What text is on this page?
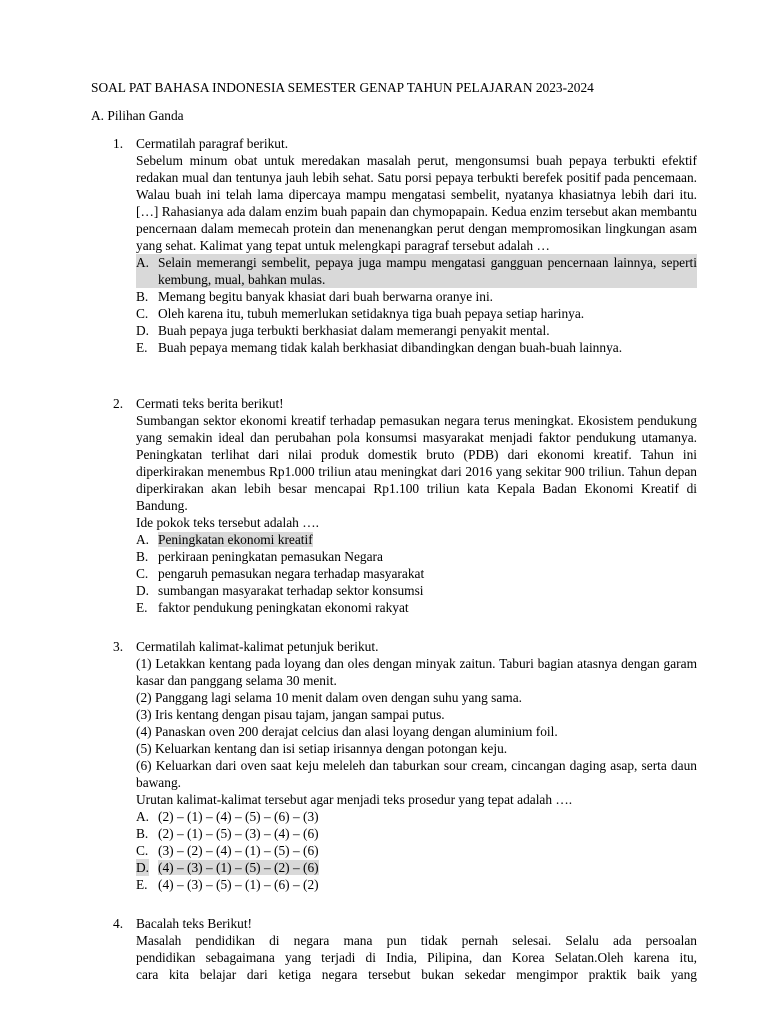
SOAL PAT BAHASA INDONESIA SEMESTER GENAP TAHUN PELAJARAN 2023-2024
A. Pilihan Ganda
1. Cermatilah paragraf berikut.
Sebelum minum obat untuk meredakan masalah perut, mengonsumsi buah pepaya terbukti efektif redakan mual dan tentunya jauh lebih sehat. Satu porsi pepaya terbukti berefek positif pada pencemaan. Walau buah ini telah lama dipercaya mampu mengatasi sembelit, nyatanya khasiatnya lebih dari itu. […] Rahasianya ada dalam enzim buah papain dan chymopapain. Kedua enzim tersebut akan membantu pencernaan dalam memecah protein dan menenangkan perut dengan mempromosikan lingkungan asam yang sehat. Kalimat yang tepat untuk melengkapi paragraf tersebut adalah …
A. Selain memerangi sembelit, pepaya juga mampu mengatasi gangguan pencernaan lainnya, seperti kembung, mual, bahkan mulas.
B. Memang begitu banyak khasiat dari buah berwarna oranye ini.
C. Oleh karena itu, tubuh memerlukan setidaknya tiga buah pepaya setiap harinya.
D. Buah pepaya juga terbukti berkhasiat dalam memerangi penyakit mental.
E. Buah pepaya memang tidak kalah berkhasiat dibandingkan dengan buah-buah lainnya.
2. Cermati teks berita berikut!
Sumbangan sektor ekonomi kreatif terhadap pemasukan negara terus meningkat. Ekosistem pendukung yang semakin ideal dan perubahan pola konsumsi masyarakat menjadi faktor pendukung utamanya. Peningkatan terlihat dari nilai produk domestik bruto (PDB) dari ekonomi kreatif. Tahun ini diperkirakan menembus Rp1.000 triliun atau meningkat dari 2016 yang sekitar 900 triliun. Tahun depan diperkirakan akan lebih besar mencapai Rp1.100 triliun kata Kepala Badan Ekonomi Kreatif di Bandung.
Ide pokok teks tersebut adalah ….
A. Peningkatan ekonomi kreatif
B. perkiraan peningkatan pemasukan Negara
C. pengaruh pemasukan negara terhadap masyarakat
D. sumbangan masyarakat terhadap sektor konsumsi
E. faktor pendukung peningkatan ekonomi rakyat
3. Cermatilah kalimat-kalimat petunjuk berikut.
(1) Letakkan kentang pada loyang dan oles dengan minyak zaitun. Taburi bagian atasnya dengan garam kasar dan panggang selama 30 menit.
(2) Panggang lagi selama 10 menit dalam oven dengan suhu yang sama.
(3) Iris kentang dengan pisau tajam, jangan sampai putus.
(4) Panaskan oven 200 derajat celcius dan alasi loyang dengan aluminium foil.
(5) Keluarkan kentang dan isi setiap irisannya dengan potongan keju.
(6) Keluarkan dari oven saat keju meleleh dan taburkan sour cream, cincangan daging asap, serta daun bawang.
Urutan kalimat-kalimat tersebut agar menjadi teks prosedur yang tepat adalah ….
A. (2) – (1) – (4) – (5) – (6) – (3)
B. (2) – (1) – (5) – (3) – (4) – (6)
C. (3) – (2) – (4) – (1) – (5) – (6)
D. (4) – (3) – (1) – (5) – (2) – (6)
E. (4) – (3) – (5) – (1) – (6) – (2)
4. Bacalah teks Berikut!
Masalah pendidikan di negara mana pun tidak pernah selesai. Selalu ada persoalan
pendidikan sebagaimana yang terjadi di India, Pilipina, dan Korea Selatan.Oleh karena itu,
cara kita belajar dari ketiga negara tersebut bukan sekedar mengimpor praktik baik yang
